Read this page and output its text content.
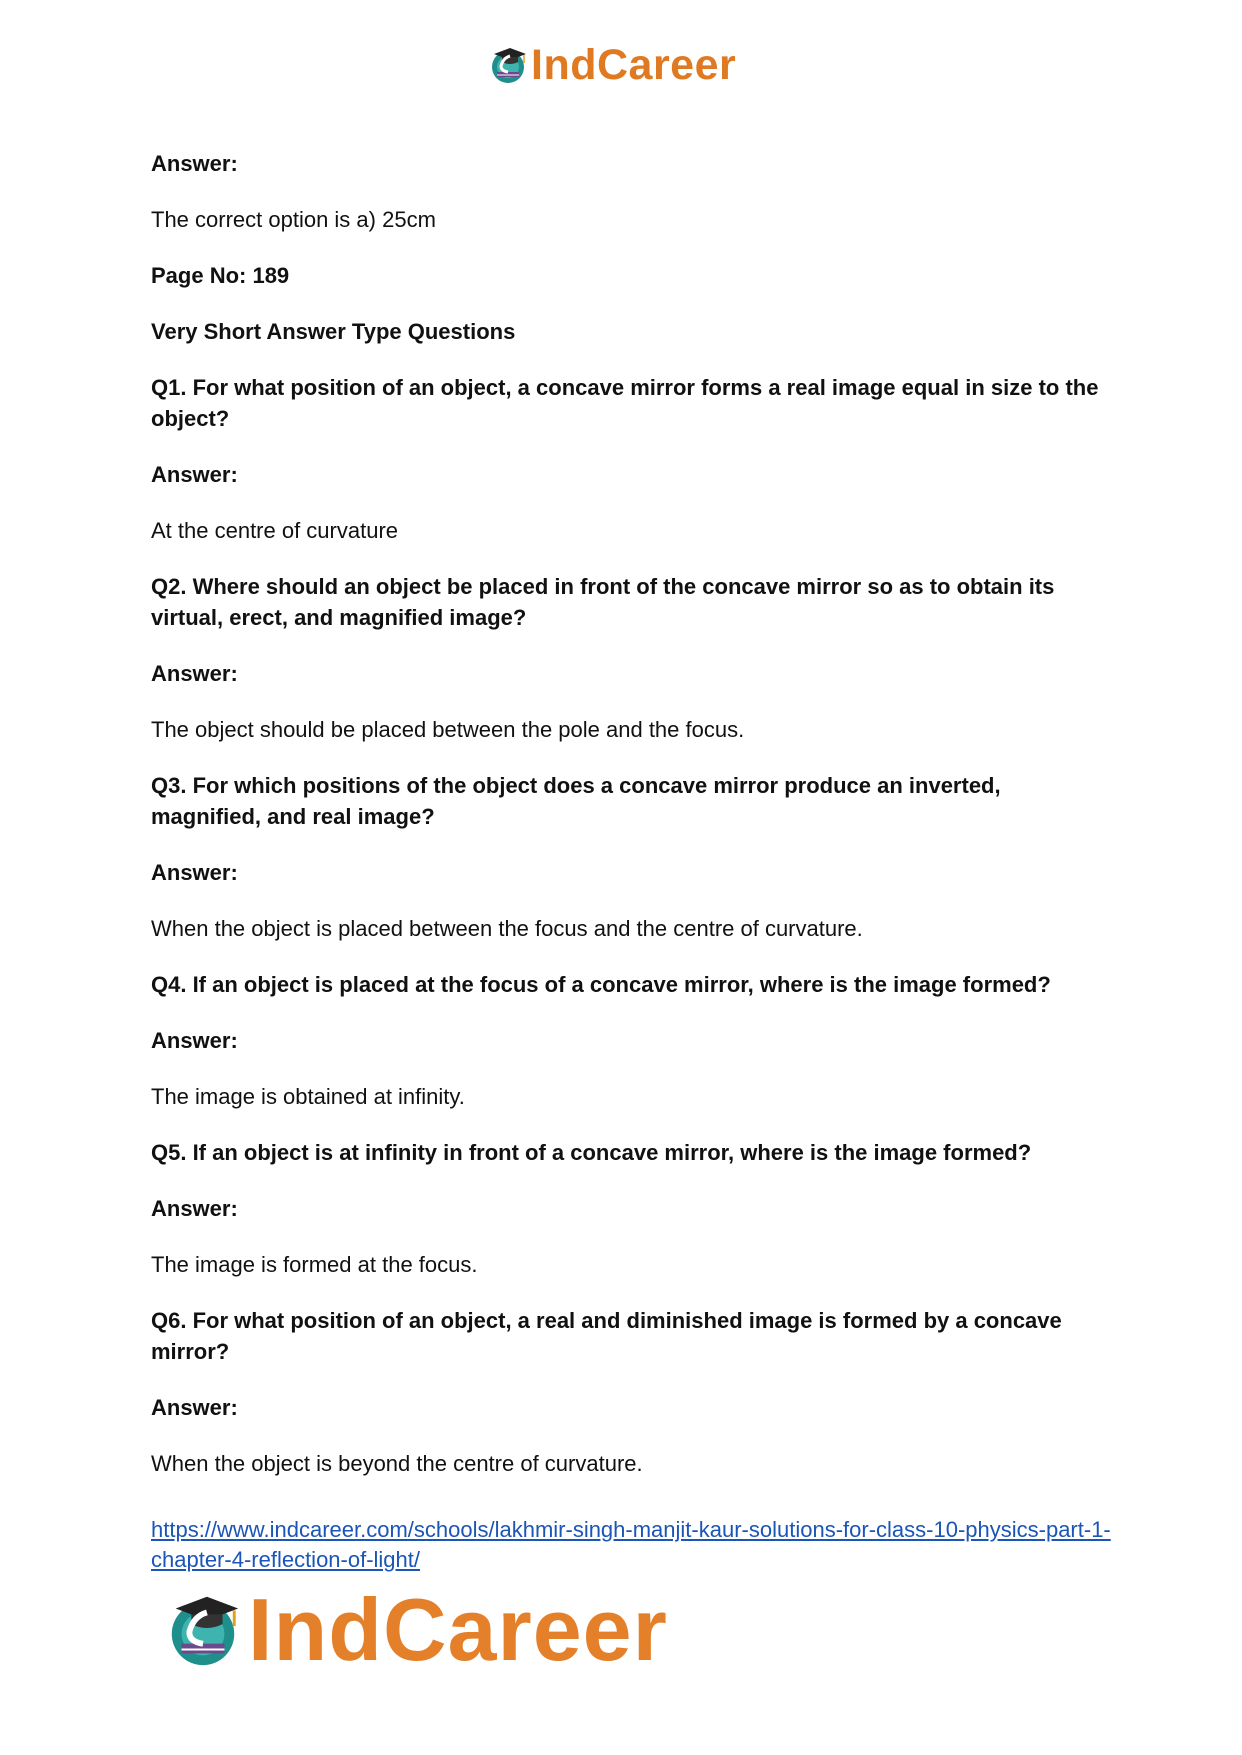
IndCareer

Answer:

The correct option is a) 25cm

Page No: 189

Very Short Answer Type Questions

Q1. For what position of an object, a concave mirror forms a real image equal in size to the object?

Answer:

At the centre of curvature

Q2. Where should an object be placed in front of the concave mirror so as to obtain its virtual, erect, and magnified image?

Answer:

The object should be placed between the pole and the focus.

Q3. For which positions of the object does a concave mirror produce an inverted, magnified, and real image?

Answer:

When the object is placed between the focus and the centre of curvature.

Q4. If an object is placed at the focus of a concave mirror, where is the image formed?

Answer:

The image is obtained at infinity.

Q5. If an object is at infinity in front of a concave mirror, where is the image formed?

Answer:

The image is formed at the focus.

Q6. For what position of an object, a real and diminished image is formed by a concave mirror?

Answer:

When the object is beyond the centre of curvature.

https://www.indcareer.com/schools/lakhmir-singh-manjit-kaur-solutions-for-class-10-physics-part-1-chapter-4-reflection-of-light/
IndCareer
